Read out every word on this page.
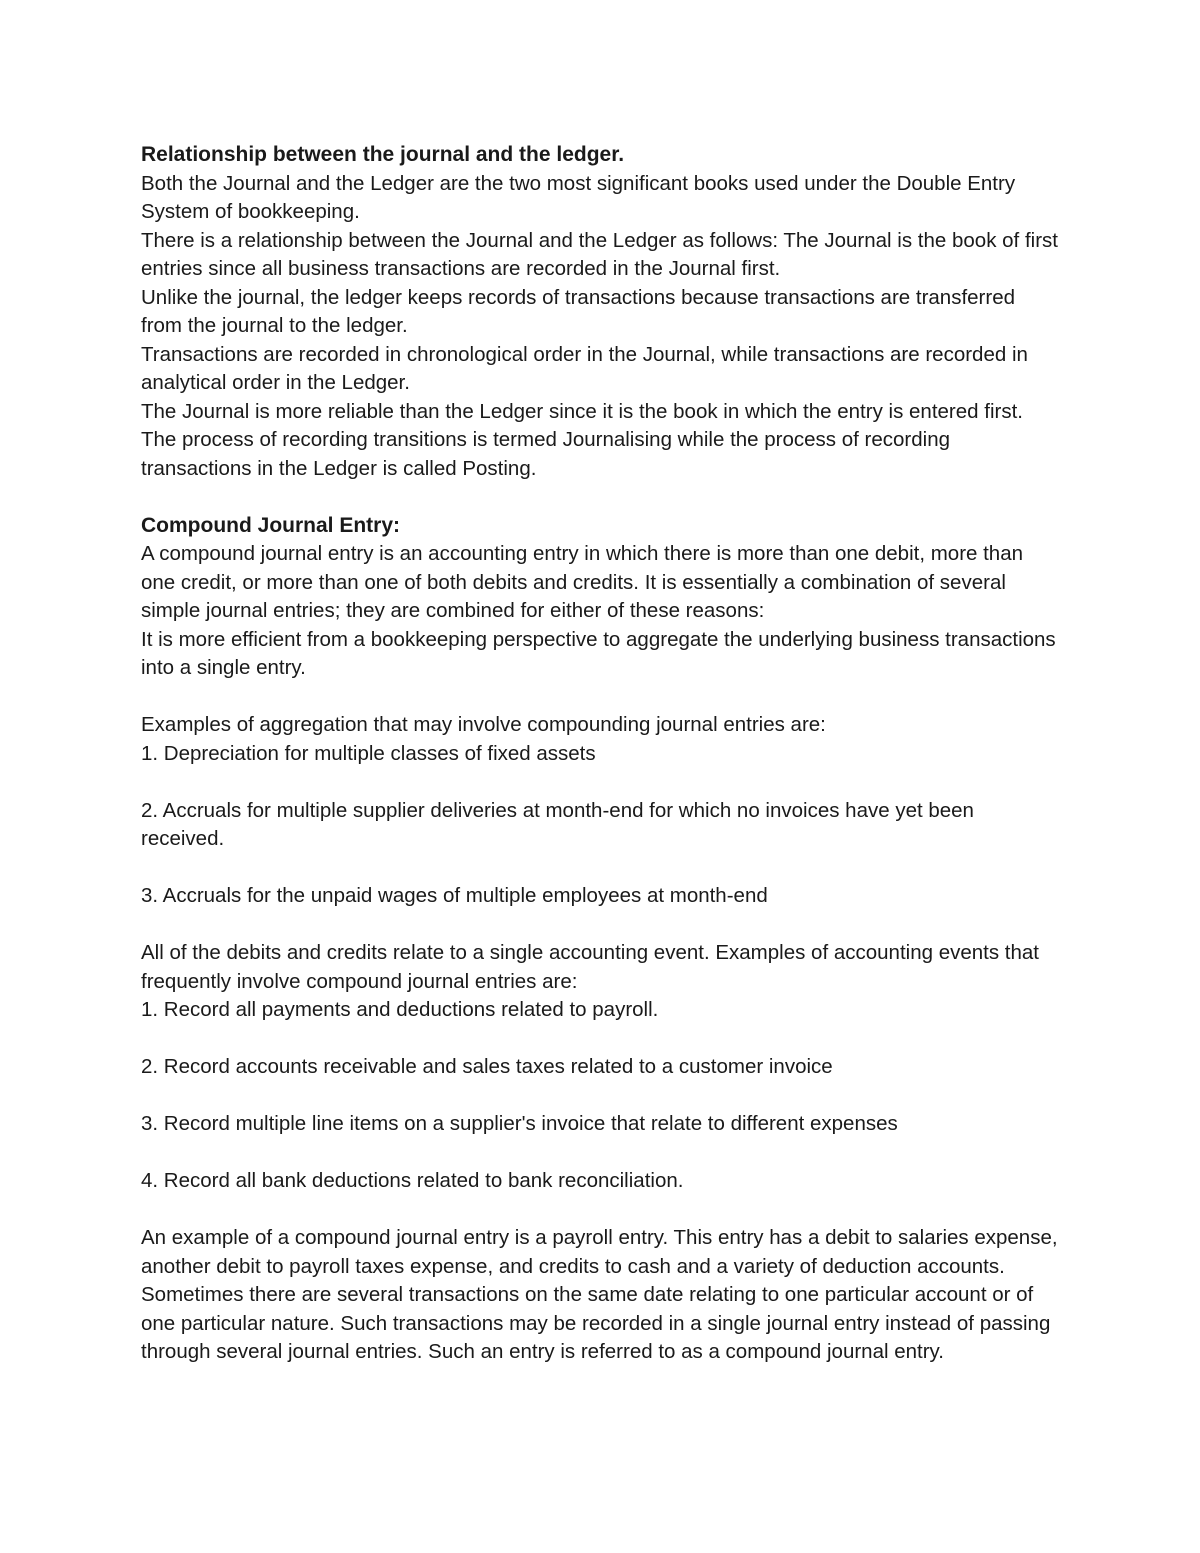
Relationship between the journal and the ledger.

Both the Journal and the Ledger are the two most significant books used under the Double Entry System of bookkeeping.

There is a relationship between the Journal and the Ledger as follows: The Journal is the book of first entries since all business transactions are recorded in the Journal first.

Unlike the journal, the ledger keeps records of transactions because transactions are transferred from the journal to the ledger.

Transactions are recorded in chronological order in the Journal, while transactions are recorded in analytical order in the Ledger.

The Journal is more reliable than the Ledger since it is the book in which the entry is entered first. The process of recording transitions is termed Journalising while the process of recording transactions in the Ledger is called Posting.

Compound Journal Entry:

A compound journal entry is an accounting entry in which there is more than one debit, more than one credit, or more than one of both debits and credits. It is essentially a combination of several simple journal entries; they are combined for either of these reasons:

It is more efficient from a bookkeeping perspective to aggregate the underlying business transactions into a single entry.

Examples of aggregation that may involve compounding journal entries are:

1. Depreciation for multiple classes of fixed assets

2. Accruals for multiple supplier deliveries at month-end for which no invoices have yet been received.

3. Accruals for the unpaid wages of multiple employees at month-end

All of the debits and credits relate to a single accounting event. Examples of accounting events that frequently involve compound journal entries are:

1. Record all payments and deductions related to payroll.

2. Record accounts receivable and sales taxes related to a customer invoice

3. Record multiple line items on a supplier's invoice that relate to different expenses

4. Record all bank deductions related to bank reconciliation.

An example of a compound journal entry is a payroll entry. This entry has a debit to salaries expense, another debit to payroll taxes expense, and credits to cash and a variety of deduction accounts. Sometimes there are several transactions on the same date relating to one particular account or of one particular nature. Such transactions may be recorded in a single journal entry instead of passing through several journal entries. Such an entry is referred to as a compound journal entry.
